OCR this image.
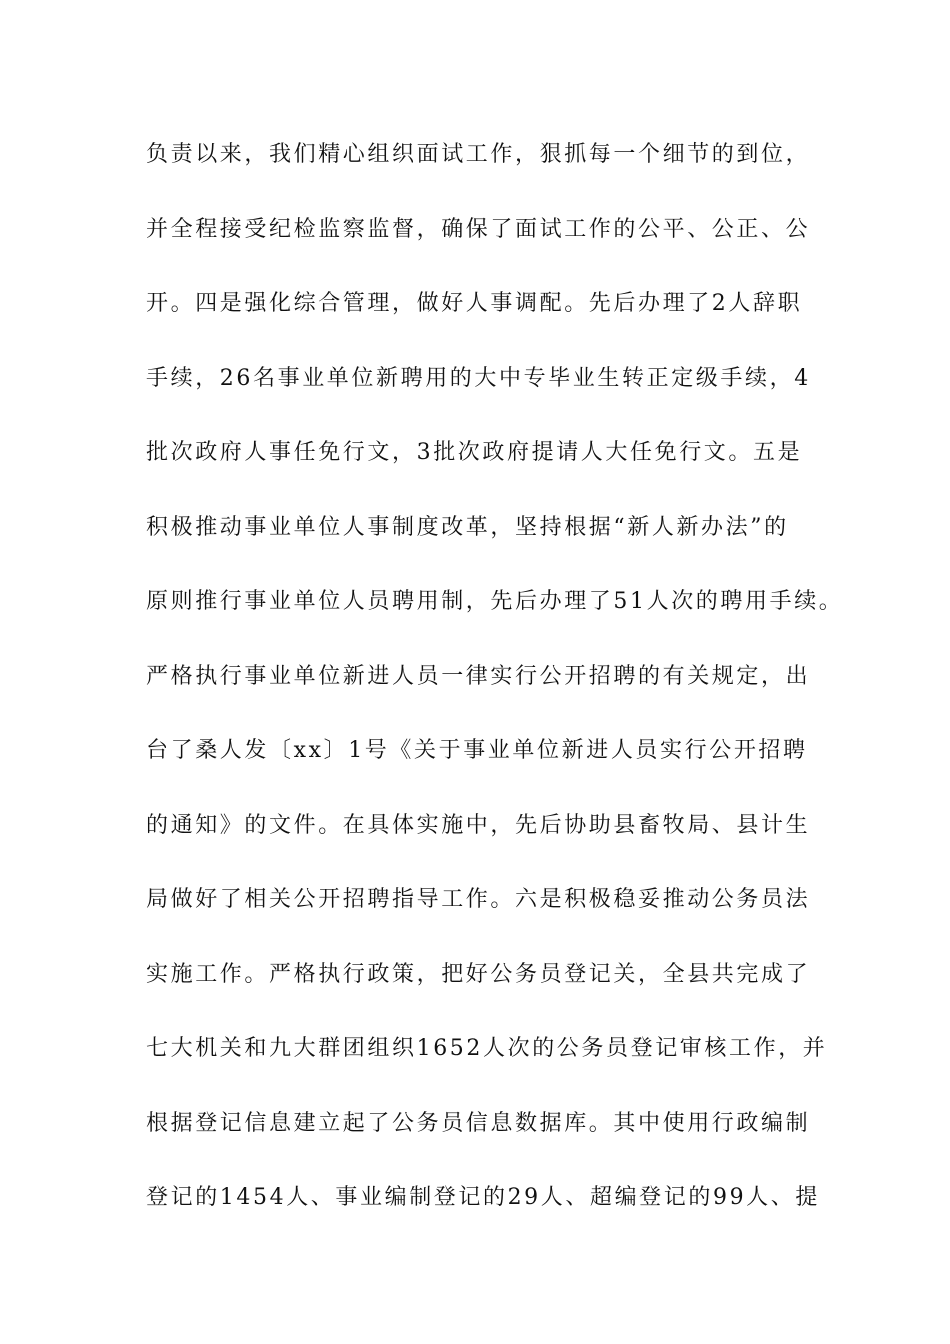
负责以来，我们精心组织面试工作，狠抓每一个细节的到位，
并全程接受纪检监察监督，确保了面试工作的公平、公正、公
开。四是强化综合管理，做好人事调配。先后办理了2人辞职
手续，26名事业单位新聘用的大中专毕业生转正定级手续，4
批次政府人事任免行文，3批次政府提请人大任免行文。五是
积极推动事业单位人事制度改革，坚持根据“新人新办法”的
原则推行事业单位人员聘用制，先后办理了51人次的聘用手续。
严格执行事业单位新进人员一律实行公开招聘的有关规定，出
台了桑人发〔xx〕1号《关于事业单位新进人员实行公开招聘
的通知》的文件。在具体实施中，先后协助县畜牧局、县计生
局做好了相关公开招聘指导工作。六是积极稳妥推动公务员法
实施工作。严格执行政策，把好公务员登记关，全县共完成了
七大机关和九大群团组织1652人次的公务员登记审核工作，并
根据登记信息建立起了公务员信息数据库。其中使用行政编制
登记的1454人、事业编制登记的29人、超编登记的99人、提
